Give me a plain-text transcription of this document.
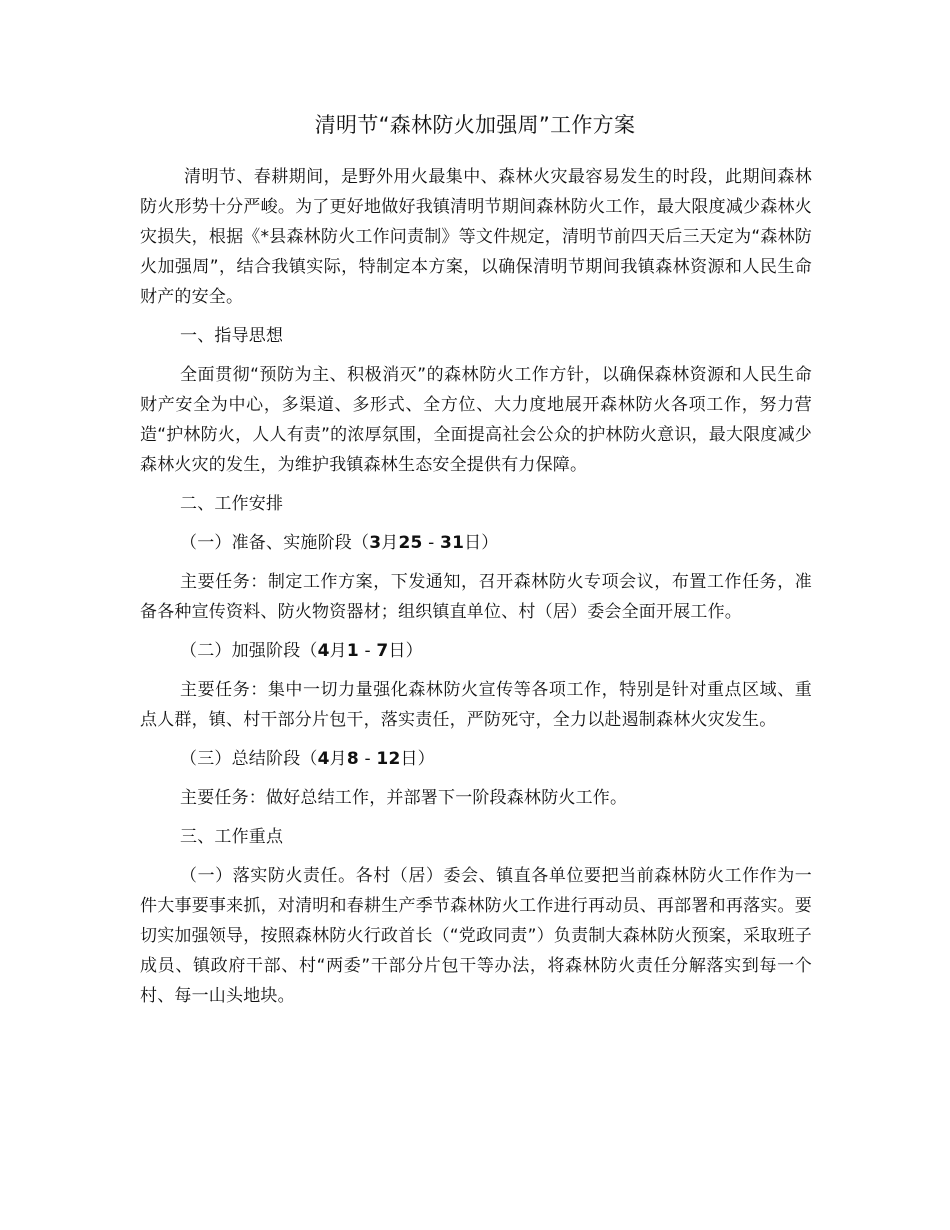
清明节“森林防火加强周”工作方案

清明节、春耕期间，是野外用火最集中、森林火灾最容易发生的时段，此期间森林防火形势十分严峻。为了更好地做好我镇清明节期间森林防火工作，最大限度减少森林火灾损失，根据《*县森林防火工作问责制》等文件规定，清明节前四天后三天定为“森林防火加强周”，结合我镇实际，特制定本方案，以确保清明节期间我镇森林资源和人民生命财产的安全。

一、指导思想

全面贯彻“预防为主、积极消灭”的森林防火工作方针，以确保森林资源和人民生命财产安全为中心，多渠道、多形式、全方位、大力度地展开森林防火各项工作，努力营造“护林防火，人人有责”的浓厚氛围，全面提高社会公众的护林防火意识，最大限度减少森林火灾的发生，为维护我镇森林生态安全提供有力保障。

二、工作安排

（一）准备、实施阶段（3月25 - 31日）

主要任务：制定工作方案，下发通知，召开森林防火专项会议，布置工作任务，准备各种宣传资料、防火物资器材；组织镇直单位、村（居）委会全面开展工作。

（二）加强阶段（4月1 - 7日）

主要任务：集中一切力量强化森林防火宣传等各项工作，特别是针对重点区域、重点人群，镇、村干部分片包干，落实责任，严防死守，全力以赴遏制森林火灾发生。

（三）总结阶段（4月8 - 12日）

主要任务：做好总结工作，并部署下一阶段森林防火工作。

三、工作重点

（一）落实防火责任。各村（居）委会、镇直各单位要把当前森林防火工作作为一件大事要事来抓，对清明和春耕生产季节森林防火工作进行再动员、再部署和再落实。要切实加强领导，按照森林防火行政首长（“党政同责”）负责制大森林防火预案，采取班子成员、镇政府干部、村“两委”干部分片包干等办法，将森林防火责任分解落实到每一个村、每一山头地块。
